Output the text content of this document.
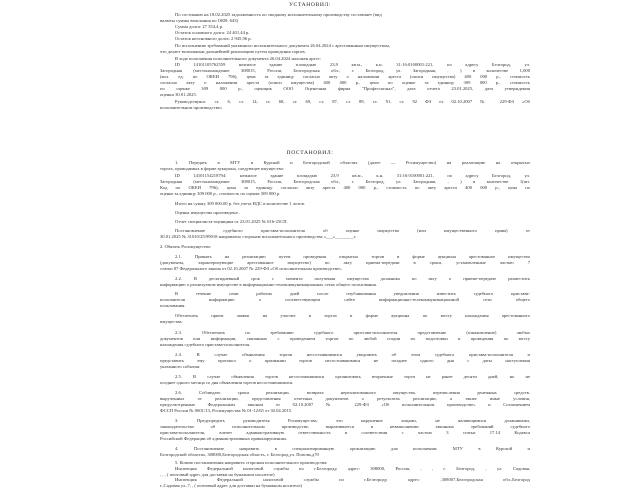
УСТАНОВИЛ:
ПОСТАНОВИЛ:
По состоянию на 18.02.2025 задолженность по сводному исполнительному производству составляет (вид
валюты суммы взыскания по ОКВ: 643)
Сумма долга: 27 354,4 р.
Остаток основного долга: 24 401,44 р.
Остаток неосновного долга: 2 945,96 р.
По исполнению требований указанного исполнительного документа 26.04.2024 с арестованным имуществом,
что делает возможным дальнейшей реализацию путем проведения торгов.
В ходе исполнения исполнительного документа 26.04.2024 наложен арест:
ID 14101105762559 нежилое здание площадью 23,9 кв.м., к.н. 31:16:0100001:221, по адресу Белгород, ул.
Загородняя (местонахождение 308015, Россия, Белгородская обл., г. Белгород, ул. Загородняя, , ) в количестве 1,000
(кол. ед. по ОКЕИ 796), цена за единицу согласно акту о наложении ареста (описи имущества) 400 000 р., стоимость
согласно акту о наложении ареста (описи имущества) 400 000 р., цена по оценке за единицу 309 000 р., стоимость
по оценке 309 000 р., оценщик ООО Оценочная фирма "Профессионал", дата отчета 23.01.2025, дата утверждения
оценки 30.01.2025.
Руководствуясь: ст. 6, ст. 14, ст. 68, ст. 69, ст. 87, ст. 89, ст. 91, ст. 92 ФЗ от 02.10.2007 № 229-ФЗ «Об
исполнительном производстве»
1. Передать в МТУ в Курской и Белгородской областях (далее — Росимущество) на реализацию на открытых
торгах, проводимых в форме аукциона, следующее имущество:
ID 14101154218794: нежилое здание площадью 23,9 кв.м., к.н. 31:16:0100001:221, по адресу Белгород, ул.
Загородняя (местонахождение 308015, Россия, Белгородская обл., г. Белгород, ул. Загородняя, , ) в количестве 1(шт.
Код по ОКЕИ 796), цена за единицу согласно акту ареста 400 000 р., стоимость по акту ареста 400 000 р., цена по
оценке за единицу 309 000 р., стоимость по оценке 309 000 р.
Итого на сумму 309 000,00 р. без учета НДС в количестве 1 лотов.
Оценка имущества произведена .
Отчет специалиста-оценщика от 23.01.2025 № 016-25СП.
Постановление судебного пристава-исполнителя об оценке имущества (или имущественного права) от
30.01.2025 № 31010/25/99018 направлено сторонам исполнительного производства «___»________г.
2. Обязать Росимущество:
2.1. Принять на реализацию путем проведения открытых торгов в форме аукциона арестованное имущество
(документы, характеризующие арестованное имущество) по акту приема-передачи в сроки, установленные частью 7
статьи 87 Федерального закона от 02.10.2007 № 229-ФЗ «Об исполнительном производстве».
2.2. В десятидневный срок с момента получения имущества должника по акту о приеме-передаче разместить
информацию о реализуемом имуществе в информационно-телекоммуникационных сетях общего пользования.
В течение семи рабочих дней после опубликования уведомления известить судебного пристава-
исполнителя информацию о соответствующем сайте информационно-телекоммуникационной сети общего
пользования.
Обеспечить прием заявок на участие в торгах в форме аукциона по месту нахождения арестованного
имущества.
2.3. Обеспечить по требованию судебного пристава-исполнителя представление (ознакомление) любых
документов или информации, связанных с проведением торгов по любой стадии их подготовки и проведения по месту
нахождения судебного пристава-исполнителя.
2.4. В случае объявления торгов несостоявшимися уведомить об этом судебного пристава-исполнителя и
представить ему протокол о признании торгов несостоявшимися не позднее одного дня с даты наступления
указанного события.
2.5. В случае объявления торгов несостоявшимися организовать вторичные торги не ранее десяти дней, но не
позднее одного месяца со дня объявления торгов несостоявшимися.
2.6. Соблюдать сроки реализации, возврата нереализованного имущества, перечисления денежных средств,
вырученных от реализации, представления отчетных документов о результатах реализации, а также иные условия,
предусмотренные Федеральным законом от 02.10.2007 № 229-ФЗ «Об исполнительном производстве» и Соглашением
ФССП России № 0001/13, Росимущества № 01-12/65 от 30.04.2015.
3. Предупредить руководителя Росимущества, что нарушение лицами, не являющимися должниками,
законодательства об исполнительном производстве, выразившееся в невыполнении законных требований судебного
пристава-исполнителя, влечет административную ответственность в соответствии с частью 3 статьи 17.14 Кодекса
Российской Федерации об административных правонарушениях.
4. Постановление направить в специализированную организацию для исполнения: МТУ в Курской и
Белгородской областях, 308000,Белгородская область, г. Белгород,ул. Попова,д70
5. Копию постановления направить сторонам исполнительного производства:
Инспекция Федеральной налоговой службы по г.Белгороду, адрес: 308000, Россия, , , г. Белгород, , ул. Садовая,
, , , ( почтовый адрес для доставки на бумажном носителе)
Инспекция Федеральной налоговой службы по г.Белгороду, адрес: ,308007,Белгородская обл.,Белгород
г.,Садовая ул.,7, , ( почтовый адрес для доставки на бумажном носителе)
